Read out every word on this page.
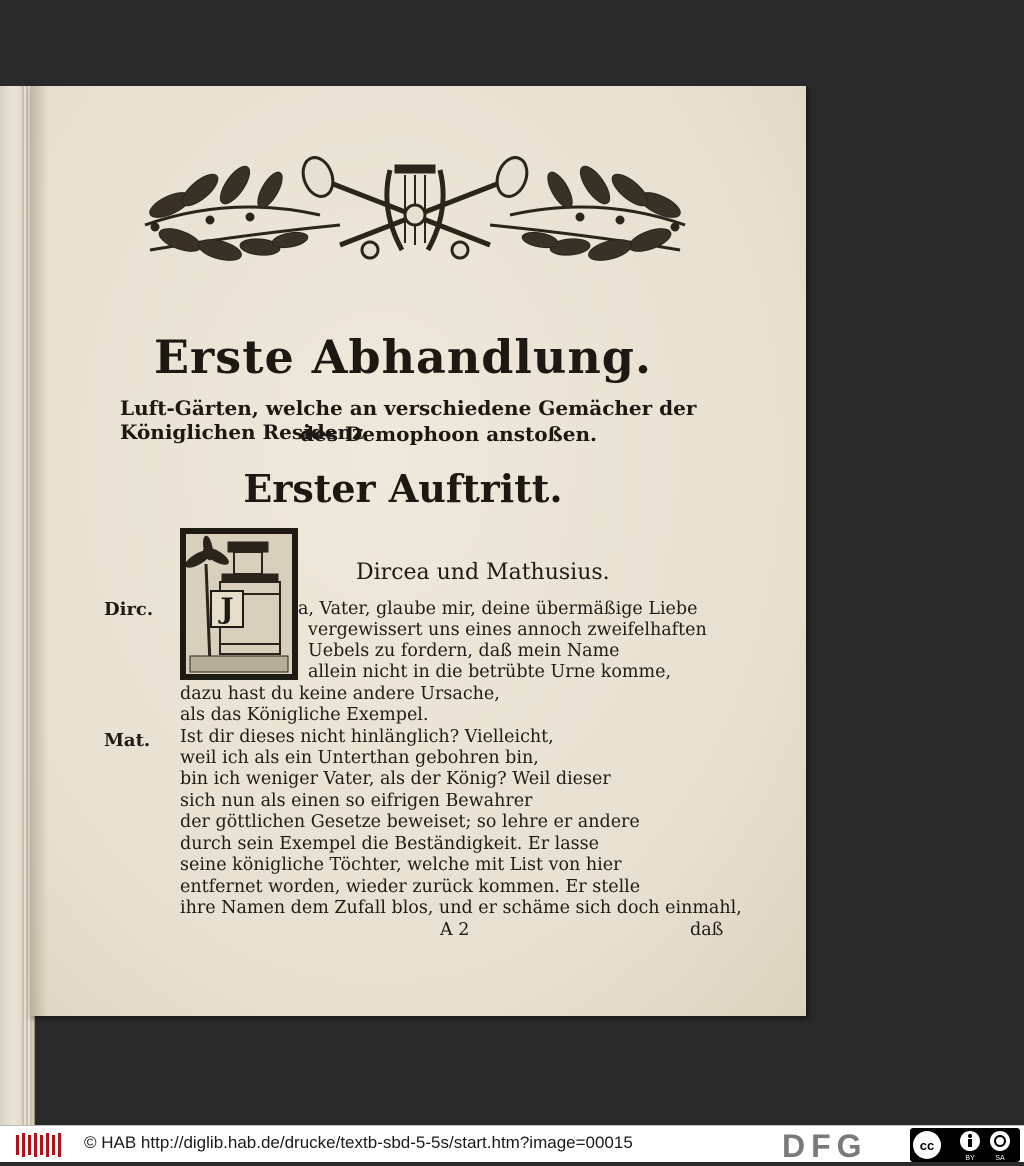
Erste Abhandlung.
Luft-Gärten, welche an verschiedene Gemächer der Königlichen Residenz
des Demophoon anstoßen.
Erster Auftritt.
J
Dircea und Mathusius.
Dirc.	a, Vater, glaube mir, deine übermäßige Liebe
vergewissert uns eines annoch zweifelhaften
Uebels zu fordern, daß mein Name
allein nicht in die betrübte Urne komme,
dazu hast du keine andere Ursache,
als das Königliche Exempel.
Mat. Ist dir dieses nicht hinlänglich? Vielleicht,
weil ich als ein Unterthan gebohren bin,
bin ich weniger Vater, als der König? Weil dieser
sich nun als einen so eifrigen Bewahrer
der göttlichen Gesetze beweiset; so lehre er andere
durch sein Exempel die Beständigkeit. Er lasse
seine königliche Töchter, welche mit List von hier
entfernet worden, wieder zurück kommen. Er stelle
ihre Namen dem Zufall blos, und er schäme sich doch einmahl,
A 2	daß
© HAB http://diglib.hab.de/drucke/textb-sbd-5-5s/start.htm?image=00015	DFG	cc
BY	SA
